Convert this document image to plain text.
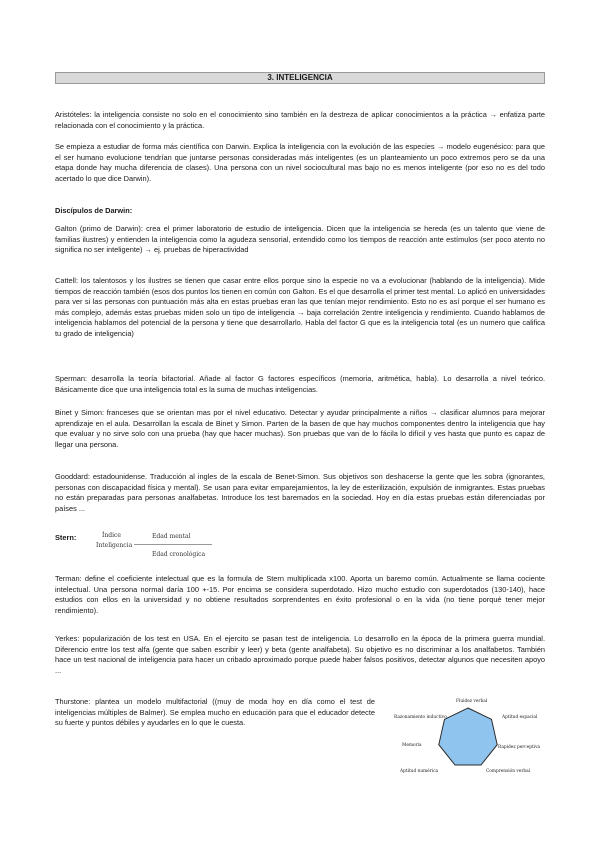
3. INTELIGENCIA

Aristóteles: la inteligencia consiste no solo en el conocimiento sino también en la destreza de aplicar conocimientos a la práctica → enfatiza parte relacionada con el conocimiento y la práctica.

Se empieza a estudiar de forma más científica con Darwin. Explica la inteligencia con la evolución de las especies → modelo eugenésico: para que el ser humano evolucione tendrían que juntarse personas consideradas más inteligentes (es un planteamiento un poco extremos pero se da una etapa donde hay mucha diferencia de clases). Una persona con un nivel sociocultural mas bajo no es menos inteligente (por eso no es del todo acertado lo que dice Darwin).

Discípulos de Darwin:

Galton (primo de Darwin): crea el primer laboratorio de estudio de inteligencia. Dicen que la inteligencia se hereda (es un talento que viene de familias ilustres) y entienden la inteligencia como la agudeza sensorial, entendido como los tiempos de reacción ante estímulos (ser poco atento no significa no ser inteligente) → ej. pruebas de hiperactividad

Cattell: los talentosos y los ilustres se tienen que casar entre ellos porque sino la especie no va a evolucionar (hablando de la inteligencia). Mide tiempos de reacción también (esos dos puntos los tienen en común con Galton. Es el que desarrolla el primer test mental. Lo aplicó en universidades para ver si las personas con puntuación más alta en estas pruebas eran las que tenían mejor rendimiento. Esto no es así porque el ser humano es más complejo, además estas pruebas miden solo un tipo de inteligencia → baja correlación 2entre inteligencia y rendimiento. Cuando hablamos de inteligencia hablamos del potencial de la persona y tiene que desarrollarlo. Habla del factor G que es la inteligencia total (es un numero que califica tu grado de inteligencia)

Sperman: desarrolla la teoría bifactorial. Añade al factor G factores específicos (memoria, aritmética, habla). Lo desarrolla a nivel teórico. Básicamente dice que una inteligencia total es la suma de muchas inteligencias.

Binet y Simon: franceses que se orientan mas por el nivel educativo. Detectar y ayudar principalmente a niños → clasificar alumnos para mejorar aprendizaje en el aula. Desarrollan la escala de Binet y Simon. Parten de la basen de que hay muchos componentes dentro la inteligencia que hay que evaluar y no sirve solo con una prueba (hay que hacer muchas). Son pruebas que van de lo fácila lo difícil y ves hasta que punto es capaz de llegar una persona.

Gooddard: estadounidense. Traducción al ingles de la escala de Benet-Simon. Sus objetivos son deshacerse la gente que les sobra (ignorantes, personas con discapacidad física y mental). Se usan para evitar emparejamientos, la ley de esterilización, expulsión de inmigrantes. Estas pruebas no están preparadas para personas analfabetas. Introduce los test baremados en la sociedad. Hoy en día estas pruebas están diferenciadas por países ...

Stern:	Índice
Inteligencia
Edad mental
Edad cronológica

Terman: define el coeficiente intelectual que es la formula de Stern multiplicada x100. Aporta un baremo común. Actualmente se llama cociente intelectual. Una persona normal daría 100 +-15. Por encima se considera superdotado. Hizo mucho estudio con superdotados (130-140), hace estudios con ellos en la universidad y no obtiene resultados sorprendentes en éxito profesional o en la vida (no tiene porqué tener mejor rendimiento).

Yerkes: popularización de los test en USA. En el ejercito se pasan test de inteligencia. Lo desarrollo en la época de la primera guerra mundial. Diferencio entre los test alfa (gente que saben escribir y leer) y beta (gente analfabeta). Su objetivo es no discriminar a los analfabetos. También hace un test nacional de inteligencia para hacer un cribado aproximado porque puede haber falsos positivos, detectar algunos que necesiten apoyo ...

Thurstone: plantea un modelo multifactorial ((muy de moda hoy en día como el test de inteligencias múltiples de Balmer). Se emplea mucho en educación para que el educador detecte su fuerte y puntos débiles y ayudarles en lo que le cuesta.

Fluidez verbal
Aptitud espacial
Rapidez perceptiva
Comprensión verbal
Aptitud numérica
Razonamiento inductivo
Memoria
